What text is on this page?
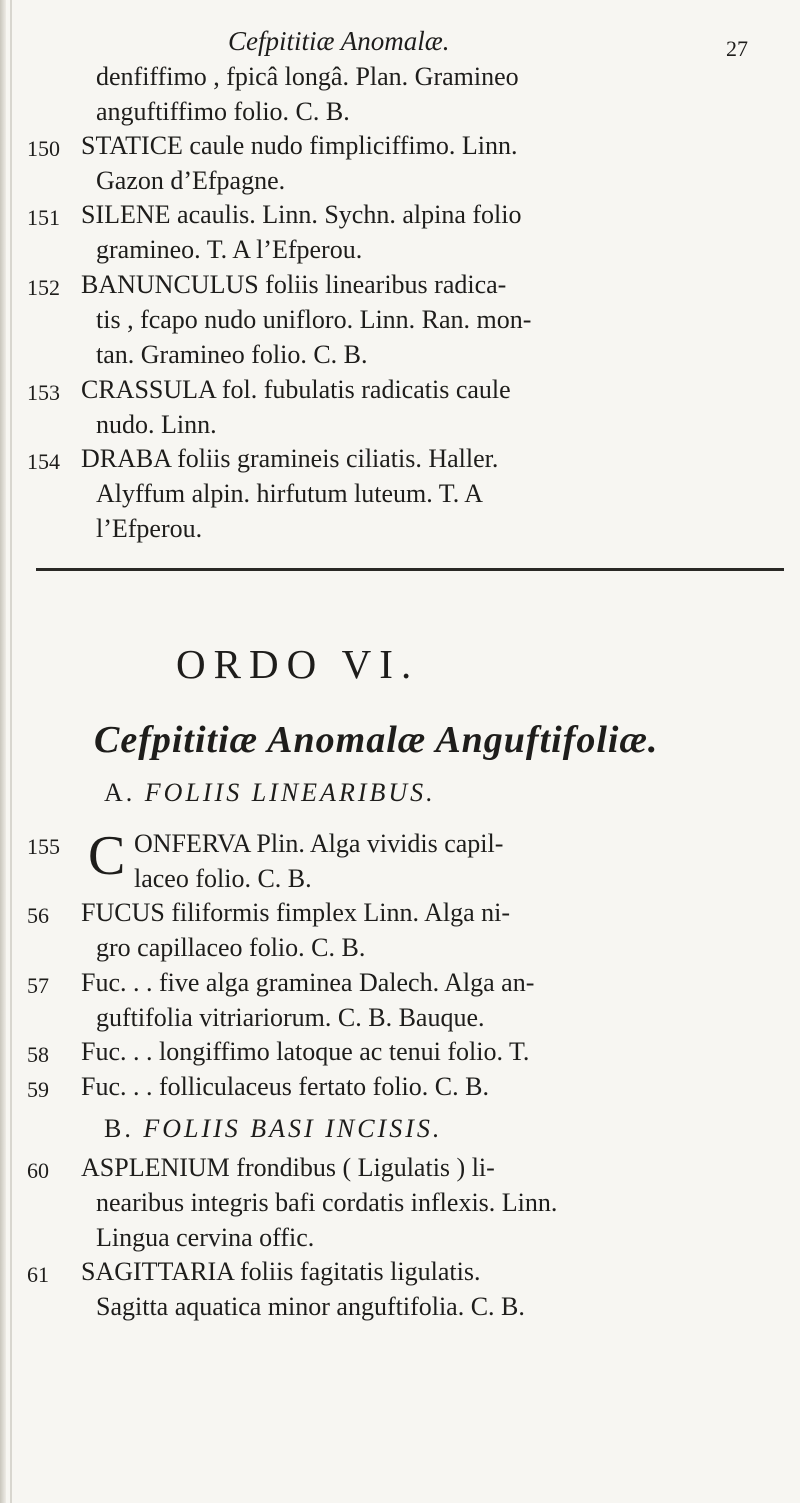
Cefpititiæ Anomalæ.	27
denfiffimo , fpicâ longâ. Plan. Gramineo
anguftiffimo folio. C. B.
150 STATICE caule nudo fimpliciffimo. Linn.
Gazon d’Efpagne.
151 SILENE acaulis. Linn. Sychn. alpina folio
gramineo. T. A l’Efperou.
152 BANUNCULUS foliis linearibus radica-
tis , fcapo nudo unifloro. Linn. Ran. mon-
tan. Gramineo folio. C. B.
153 CRASSULA fol. fubulatis radicatis caule
nudo. Linn.
154 DRABA foliis gramineis ciliatis. Haller.
Alyffum alpin. hirfutum luteum. T. A
l’Efperou.
ORDO VI.
Cefpititiæ Anomalæ Anguftifoliæ.
A. FOLIIS LINEARIBUS.
155 C ONFERVA Plin. Alga vividis capil-
laceo folio. C. B.
56 FUCUS filiformis fimplex Linn. Alga ni-
gro capillaceo folio. C. B.
57 Fuc. . . five alga graminea Dalech. Alga an-
guftifolia vitriariorum. C. B. Bauque.
58 Fuc. . . longiffimo latoque ac tenui folio. T.
59 Fuc. . . folliculaceus fertato folio. C. B.
B. FOLIIS BASI INCISIS.
60 ASPLENIUM frondibus ( Ligulatis ) li-
nearibus integris bafi cordatis inflexis. Linn.
Lingua cervina offic.
61 SAGITTARIA foliis fagitatis ligulatis.
Sagitta aquatica minor anguftifolia. C. B.
